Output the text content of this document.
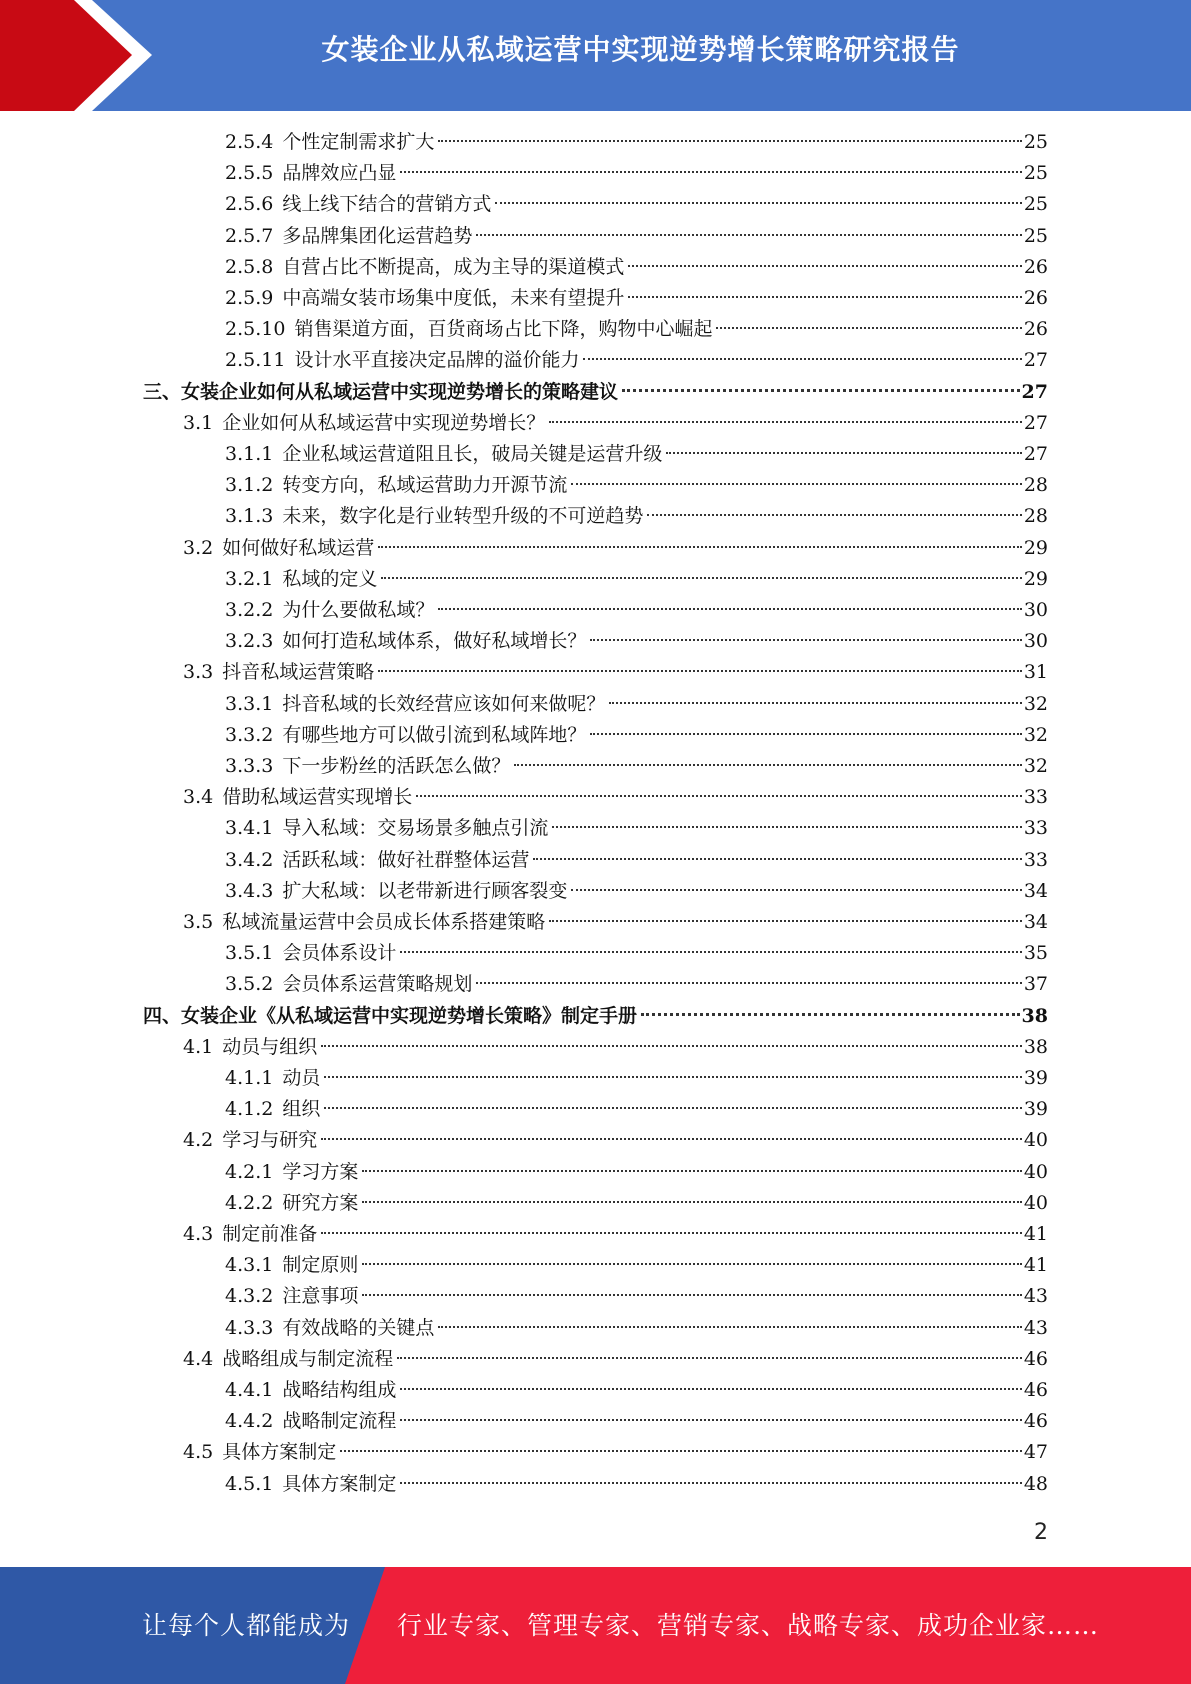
女装企业从私域运营中实现逆势增长策略研究报告
2.5.4 个性定制需求扩大	25
2.5.5 品牌效应凸显	25
2.5.6 线上线下结合的营销方式	25
2.5.7 多品牌集团化运营趋势	25
2.5.8 自营占比不断提高，成为主导的渠道模式	26
2.5.9 中高端女装市场集中度低，未来有望提升	26
2.5.10 销售渠道方面，百货商场占比下降，购物中心崛起	26
2.5.11 设计水平直接决定品牌的溢价能力	27
三、女装企业如何从私域运营中实现逆势增长的策略建议	27
3.1 企业如何从私域运营中实现逆势增长？	27
3.1.1 企业私域运营道阻且长，破局关键是运营升级	27
3.1.2 转变方向，私域运营助力开源节流	28
3.1.3 未来，数字化是行业转型升级的不可逆趋势	28
3.2 如何做好私域运营	29
3.2.1 私域的定义	29
3.2.2 为什么要做私域？	30
3.2.3 如何打造私域体系，做好私域增长？	30
3.3 抖音私域运营策略	31
3.3.1 抖音私域的长效经营应该如何来做呢？	32
3.3.2 有哪些地方可以做引流到私域阵地？	32
3.3.3 下一步粉丝的活跃怎么做？	32
3.4 借助私域运营实现增长	33
3.4.1 导入私域：交易场景多触点引流	33
3.4.2 活跃私域：做好社群整体运营	33
3.4.3 扩大私域：以老带新进行顾客裂变	34
3.5 私域流量运营中会员成长体系搭建策略	34
3.5.1 会员体系设计	35
3.5.2 会员体系运营策略规划	37
四、女装企业《从私域运营中实现逆势增长策略》制定手册	38
4.1 动员与组织	38
4.1.1 动员	39
4.1.2 组织	39
4.2 学习与研究	40
4.2.1 学习方案	40
4.2.2 研究方案	40
4.3 制定前准备	41
4.3.1 制定原则	41
4.3.2 注意事项	43
4.3.3 有效战略的关键点	43
4.4 战略组成与制定流程	46
4.4.1 战略结构组成	46
4.4.2 战略制定流程	46
4.5 具体方案制定	47
4.5.1 具体方案制定	48
2
让每个人都能成为 行业专家、管理专家、营销专家、战略专家、成功企业家……
